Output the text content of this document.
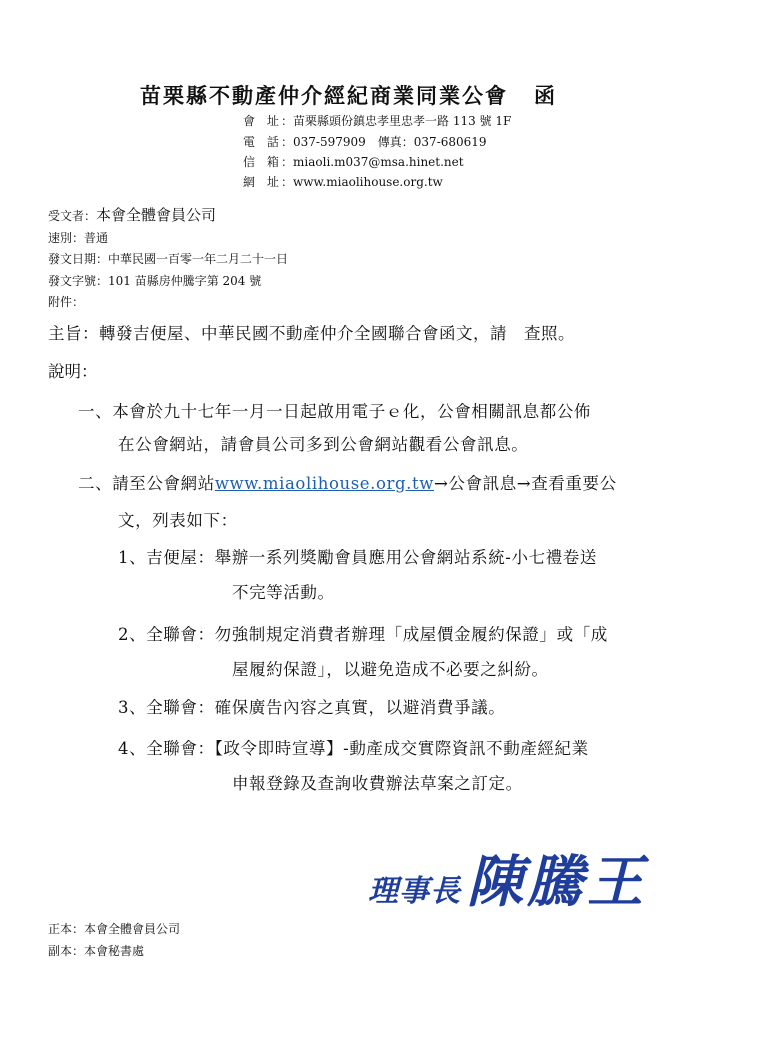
苗栗縣不動產仲介經紀商業同業公會 函
會 址：苗栗縣頭份鎮忠孝里忠孝一路 113 號 1F
電 話：037-597909　傳真：037-680619
信 箱：miaoli.m037@msa.hinet.net
網 址：www.miaolihouse.org.tw
受文者：本會全體會員公司
速別：普通
發文日期：中華民國一百零一年二月二十一日
發文字號：101 苗縣房仲騰字第 204 號
附件：
主旨：轉發吉便屋、中華民國不動產仲介全國聯合會函文，請　查照。
說明：
一、本會於九十七年一月一日起啟用電子ｅ化，公會相關訊息都公佈
在公會網站，請會員公司多到公會網站觀看公會訊息。
二、請至公會網站www.miaolihouse.org.tw→公會訊息→查看重要公
文，列表如下：
1、吉便屋：舉辦一系列獎勵會員應用公會網站系統-小七禮卷送
不完等活動。
2、全聯會：勿強制規定消費者辦理「成屋價金履約保證」或「成
屋履約保證」，以避免造成不必要之糾紛。
3、全聯會：確保廣告內容之真實，以避消費爭議。
4、全聯會：【政令即時宣導】-動產成交實際資訊不動產經紀業
申報登錄及查詢收費辦法草案之訂定。
理事長 陳騰王
正本：本會全體會員公司
副本：本會秘書處
